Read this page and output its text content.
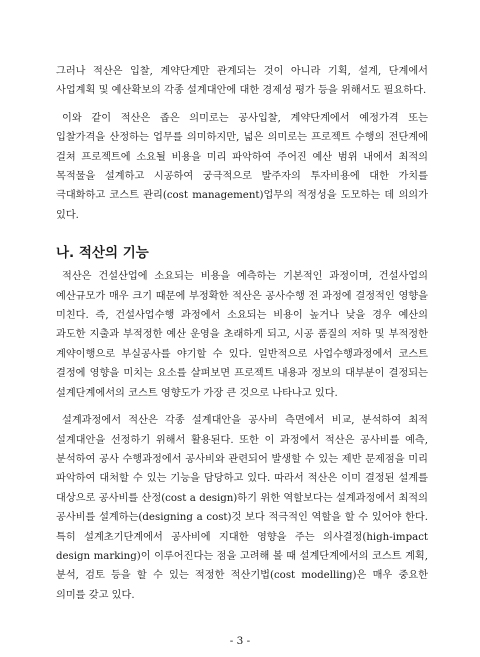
그러나 적산은 입찰, 계약단계만 관계되는 것이 아니라 기획, 설계, 단계에서 사업계획 및 예산확보의 각종 설계대안에 대한 경제성 평가 등을 위해서도 필요하다.

이와 같이 적산은 좁은 의미로는 공사입찰, 계약단계에서 예정가격 또는 입찰가격을 산정하는 업무를 의미하지만, 넓은 의미로는 프로젝트 수행의 전단계에 걸쳐 프로젝트에 소요될 비용을 미리 파악하여 주어진 예산 범위 내에서 최적의 목적물을 설계하고 시공하여 궁극적으로 발주자의 투자비용에 대한 가치를 극대화하고 코스트 관리(cost management)업무의 적정성을 도모하는 데 의의가 있다.

나. 적산의 기능

적산은 건설산업에 소요되는 비용을 예측하는 기본적인 과정이며, 건설사업의 예산규모가 매우 크기 때문에 부정확한 적산은 공사수행 전 과정에 결정적인 영향을 미친다. 즉, 건설사업수행 과정에서 소요되는 비용이 높거나 낮을 경우 예산의 과도한 지출과 부적정한 예산 운영을 초래하게 되고, 시공 품질의 저하 및 부적정한 계약이행으로 부실공사를 야기할 수 있다. 일반적으로 사업수행과정에서 코스트 결정에 영향을 미치는 요소를 살펴보면 프로젝트 내용과 정보의 대부분이 결정되는 설계단계에서의 코스트 영향도가 가장 큰 것으로 나타나고 있다.

설계과정에서 적산은 각종 설계대안을 공사비 측면에서 비교, 분석하여 최적 설계대안을 선정하기 위해서 활용된다. 또한 이 과정에서 적산은 공사비를 예측, 분석하여 공사 수행과정에서 공사비와 관련되어 발생할 수 있는 제반 문제점을 미리 파악하여 대처할 수 있는 기능을 담당하고 있다. 따라서 적산은 이미 결정된 설계를 대상으로 공사비를 산정(cost a design)하기 위한 역할보다는 설계과정에서 최적의 공사비를 설계하는(designing a cost)것 보다 적극적인 역할을 할 수 있어야 한다. 특히 설계초기단계에서 공사비에 지대한 영향을 주는 의사결정(high-impact design marking)이 이루어진다는 점을 고려해 볼 때 설계단계에서의 코스트 계획, 분석, 검토 등을 할 수 있는 적정한 적산기법(cost modelling)은 매우 중요한 의미를 갖고 있다.

- 3 -
